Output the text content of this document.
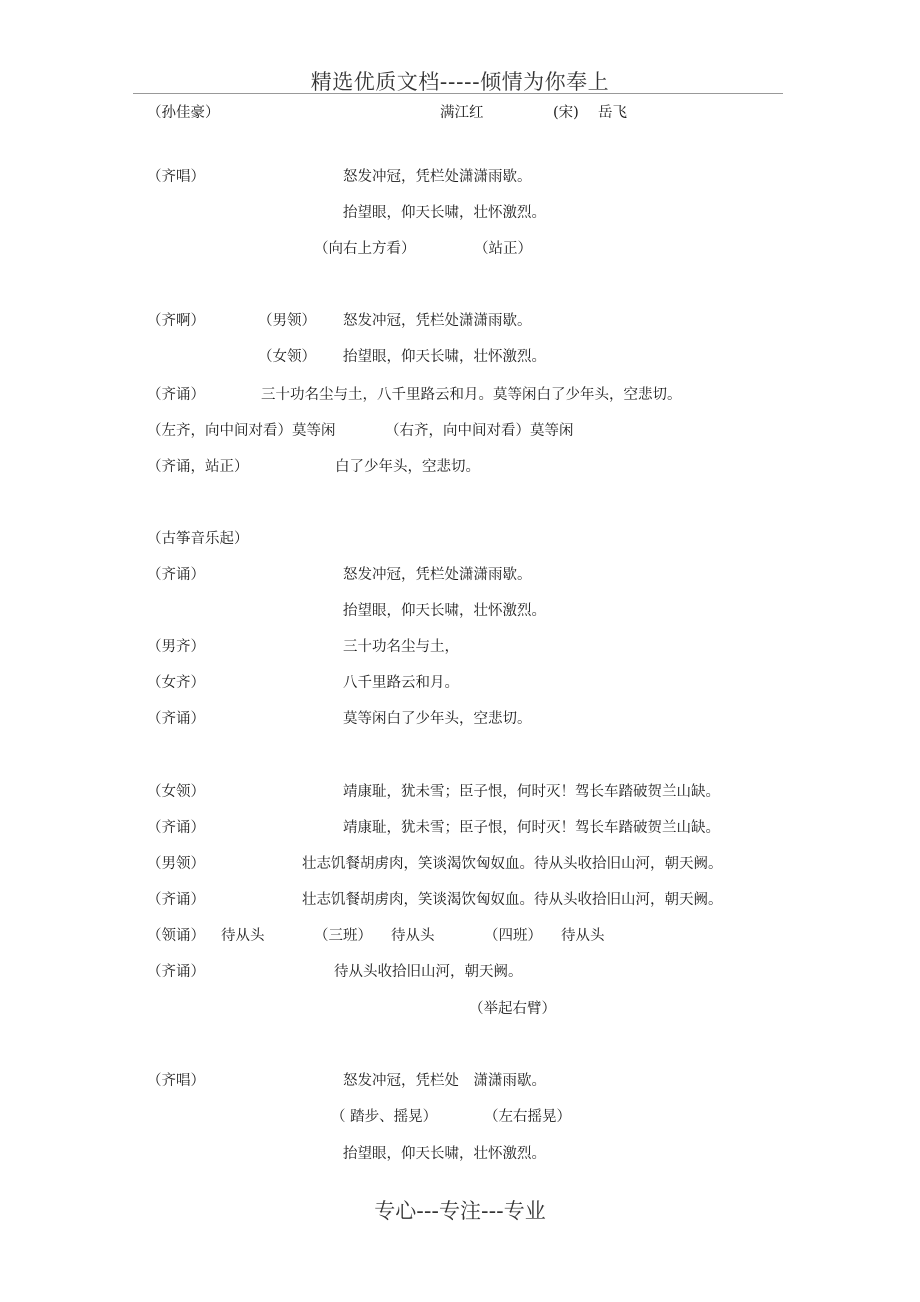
精选优质文档-----倾情为你奉上
（孙佳豪）	满江红	(宋) 岳飞
（齐唱）	怒发冲冠，凭栏处潇潇雨歇。
抬望眼，仰天长啸，壮怀激烈。
（向右上方看）	（站正）
（齐啊）	（男领） 怒发冲冠，凭栏处潇潇雨歇。
（女领） 抬望眼，仰天长啸，壮怀激烈。
（齐诵）	三十功名尘与土，八千里路云和月。莫等闲白了少年头，空悲切。
（左齐，向中间对看）莫等闲	（右齐，向中间对看）莫等闲
（齐诵，站正）	白了少年头，空悲切。
（古筝音乐起）
（齐诵）	怒发冲冠，凭栏处潇潇雨歇。
抬望眼，仰天长啸，壮怀激烈。
（男齐）	三十功名尘与土，
（女齐）	八千里路云和月。
（齐诵）	莫等闲白了少年头，空悲切。
（女领）	靖康耻，犹未雪；臣子恨，何时灭！驾长车踏破贺兰山缺。
（齐诵）	靖康耻，犹未雪；臣子恨，何时灭！驾长车踏破贺兰山缺。
（男领）	壮志饥餐胡虏肉，笑谈渴饮匈奴血。待从头收拾旧山河，朝天阙。
（齐诵）	壮志饥餐胡虏肉，笑谈渴饮匈奴血。待从头收拾旧山河，朝天阙。
（领诵） 待从头	（三班） 待从头	（四班） 待从头
（齐诵）	待从头收拾旧山河，朝天阙。
（举起右臂）
（齐唱）	怒发冲冠，凭栏处　潇潇雨歇。
（ 踏步、摇晃）	（左右摇晃）
抬望眼，仰天长啸，壮怀激烈。
专心---专注---专业
